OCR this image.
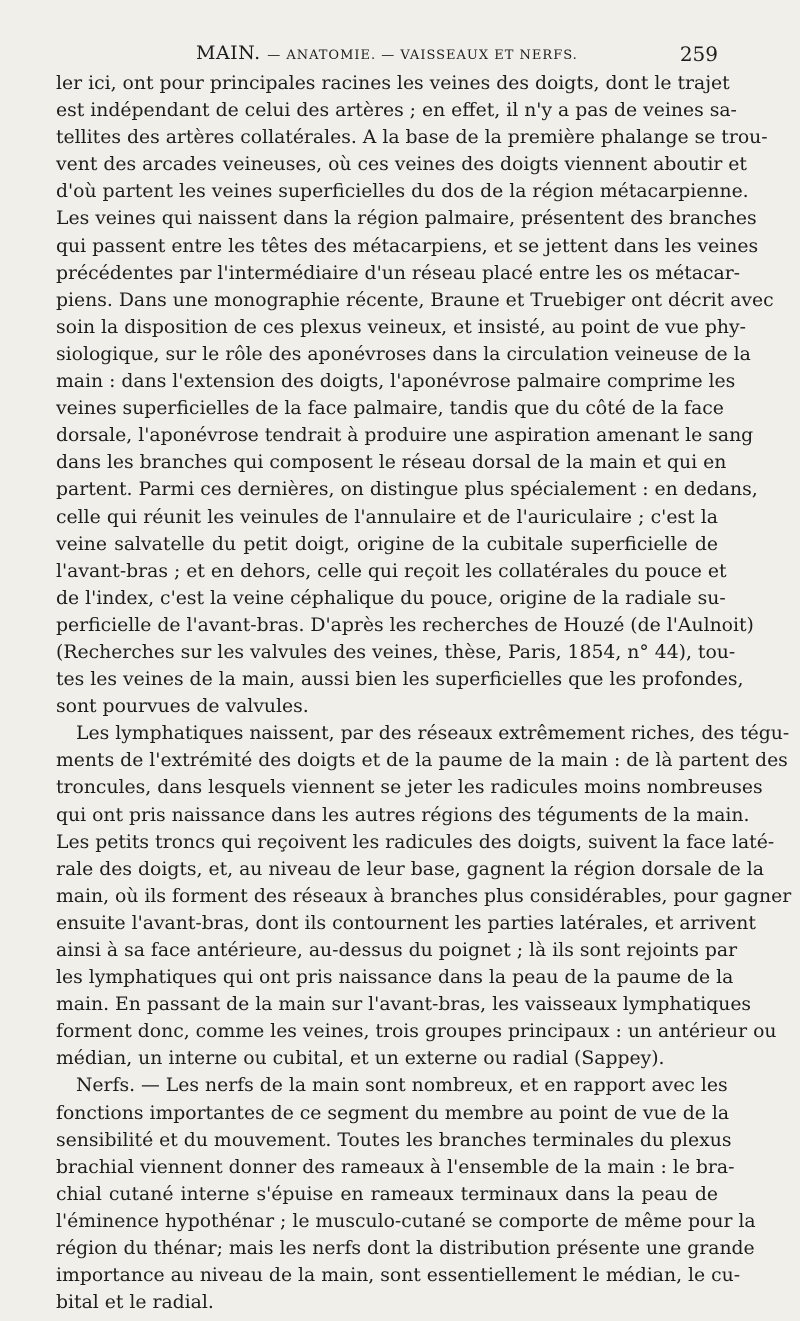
MAIN. — ANATOMIE. — VAISSEAUX ET NERFS.	259
ler ici, ont pour principales racines les veines des doigts, dont le trajet
est indépendant de celui des artères ; en effet, il n'y a pas de veines sa-
tellites des artères collatérales. A la base de la première phalange se trou-
vent des arcades veineuses, où ces veines des doigts viennent aboutir et
d'où partent les veines superficielles du dos de la région métacarpienne.
Les veines qui naissent dans la région palmaire, présentent des branches
qui passent entre les têtes des métacarpiens, et se jettent dans les veines
précédentes par l'intermédiaire d'un réseau placé entre les os métacar-
piens. Dans une monographie récente, Braune et Truebiger ont décrit avec
soin la disposition de ces plexus veineux, et insisté, au point de vue phy-
siologique, sur le rôle des aponévroses dans la circulation veineuse de la
main : dans l'extension des doigts, l'aponévrose palmaire comprime les
veines superficielles de la face palmaire, tandis que du côté de la face
dorsale, l'aponévrose tendrait à produire une aspiration amenant le sang
dans les branches qui composent le réseau dorsal de la main et qui en
partent. Parmi ces dernières, on distingue plus spécialement : en dedans,
celle qui réunit les veinules de l'annulaire et de l'auriculaire ; c'est la
veine salvatelle du petit doigt, origine de la cubitale superficielle de
l'avant-bras ; et en dehors, celle qui reçoit les collatérales du pouce et
de l'index, c'est la veine céphalique du pouce, origine de la radiale su-
perficielle de l'avant-bras. D'après les recherches de Houzé (de l'Aulnoit)
(Recherches sur les valvules des veines, thèse, Paris, 1854, n° 44), tou-
tes les veines de la main, aussi bien les superficielles que les profondes,
sont pourvues de valvules.
Les lymphatiques naissent, par des réseaux extrêmement riches, des tégu-
ments de l'extrémité des doigts et de la paume de la main : de là partent des
troncules, dans lesquels viennent se jeter les radicules moins nombreuses
qui ont pris naissance dans les autres régions des téguments de la main.
Les petits troncs qui reçoivent les radicules des doigts, suivent la face laté-
rale des doigts, et, au niveau de leur base, gagnent la région dorsale de la
main, où ils forment des réseaux à branches plus considérables, pour gagner
ensuite l'avant-bras, dont ils contournent les parties latérales, et arrivent
ainsi à sa face antérieure, au-dessus du poignet ; là ils sont rejoints par
les lymphatiques qui ont pris naissance dans la peau de la paume de la
main. En passant de la main sur l'avant-bras, les vaisseaux lymphatiques
forment donc, comme les veines, trois groupes principaux : un antérieur ou
médian, un interne ou cubital, et un externe ou radial (Sappey).
Nerfs. — Les nerfs de la main sont nombreux, et en rapport avec les
fonctions importantes de ce segment du membre au point de vue de la
sensibilité et du mouvement. Toutes les branches terminales du plexus
brachial viennent donner des rameaux à l'ensemble de la main : le bra-
chial cutané interne s'épuise en rameaux terminaux dans la peau de
l'éminence hypothénar ; le musculo-cutané se comporte de même pour la
région du thénar; mais les nerfs dont la distribution présente une grande
importance au niveau de la main, sont essentiellement le médian, le cu-
bital et le radial.
